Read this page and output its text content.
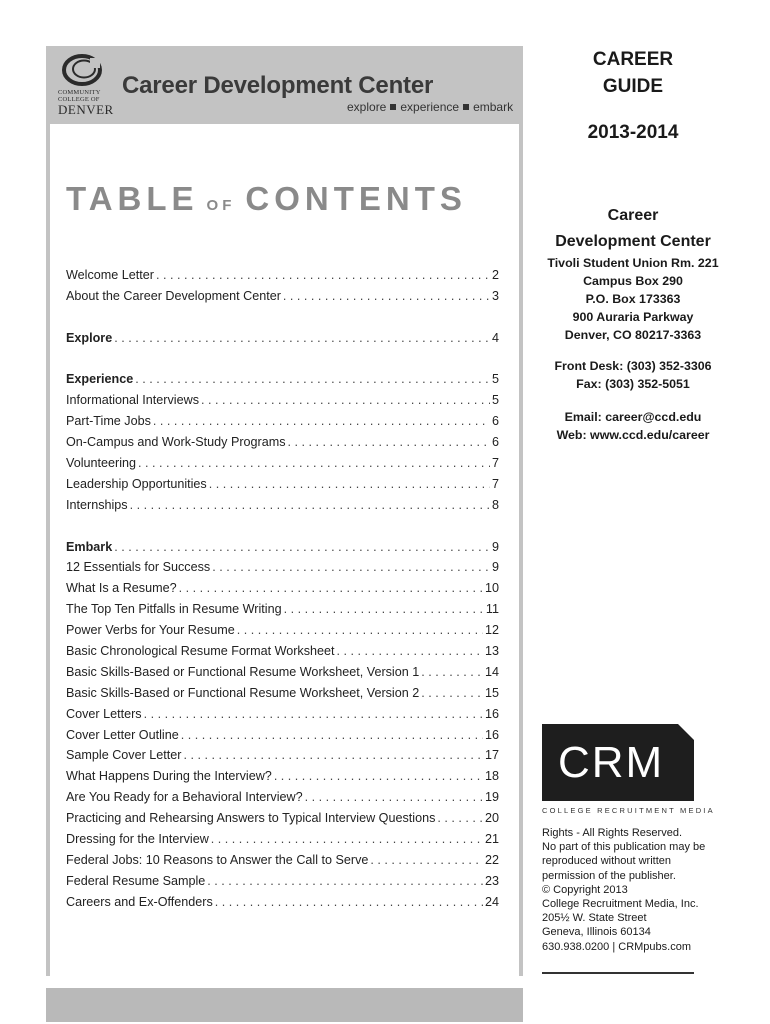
COMMUNITY
COLLEGE OF
DENVER
Career Development Center
explore experience embark
TABLE OF CONTENTS
Welcome Letter . . .	2
About the Career Development Center . . .	3
Explore . . .	4
Experience . . .	5
Informational Interviews . . .	5
Part-Time Jobs . . .	6
On-Campus and Work-Study Programs . . .	6
Volunteering . . .	7
Leadership Opportunities . . .	7
Internships . . .	8
Embark . . .	9
12 Essentials for Success . . .	9
What Is a Resume? . . .	10
The Top Ten Pitfalls in Resume Writing . . .	11
Power Verbs for Your Resume . . .	12
Basic Chronological Resume Format Worksheet . . .	13
Basic Skills-Based or Functional Resume Worksheet, Version 1 . . .	14
Basic Skills-Based or Functional Resume Worksheet, Version 2 . . .	15
Cover Letters . . .	16
Cover Letter Outline . . .	16
Sample Cover Letter . . .	17
What Happens During the Interview? . . .	18
Are You Ready for a Behavioral Interview? . . .	19
Practicing and Rehearsing Answers to Typical Interview Questions . . .	20
Dressing for the Interview . . .	21
Federal Jobs: 10 Reasons to Answer the Call to Serve . . .	22
Federal Resume Sample . . .	23
Careers and Ex-Offenders . . .	24
CAREER
GUIDE
2013-2014
Career
Development Center
Tivoli Student Union Rm. 221
Campus Box 290
P.O. Box 173363
900 Auraria Parkway
Denver, CO 80217-3363
Front Desk: (303) 352-3306
Fax: (303) 352-5051
Email: career@ccd.edu
Web: www.ccd.edu/career
CRM
COLLEGE RECRUITMENT MEDIA
Rights - All Rights Reserved.
No part of this publication may be
reproduced without written
permission of the publisher.
© Copyright 2013
College Recruitment Media, Inc.
205½ W. State Street
Geneva, Illinois 60134
630.938.0200 | CRMpubs.com
